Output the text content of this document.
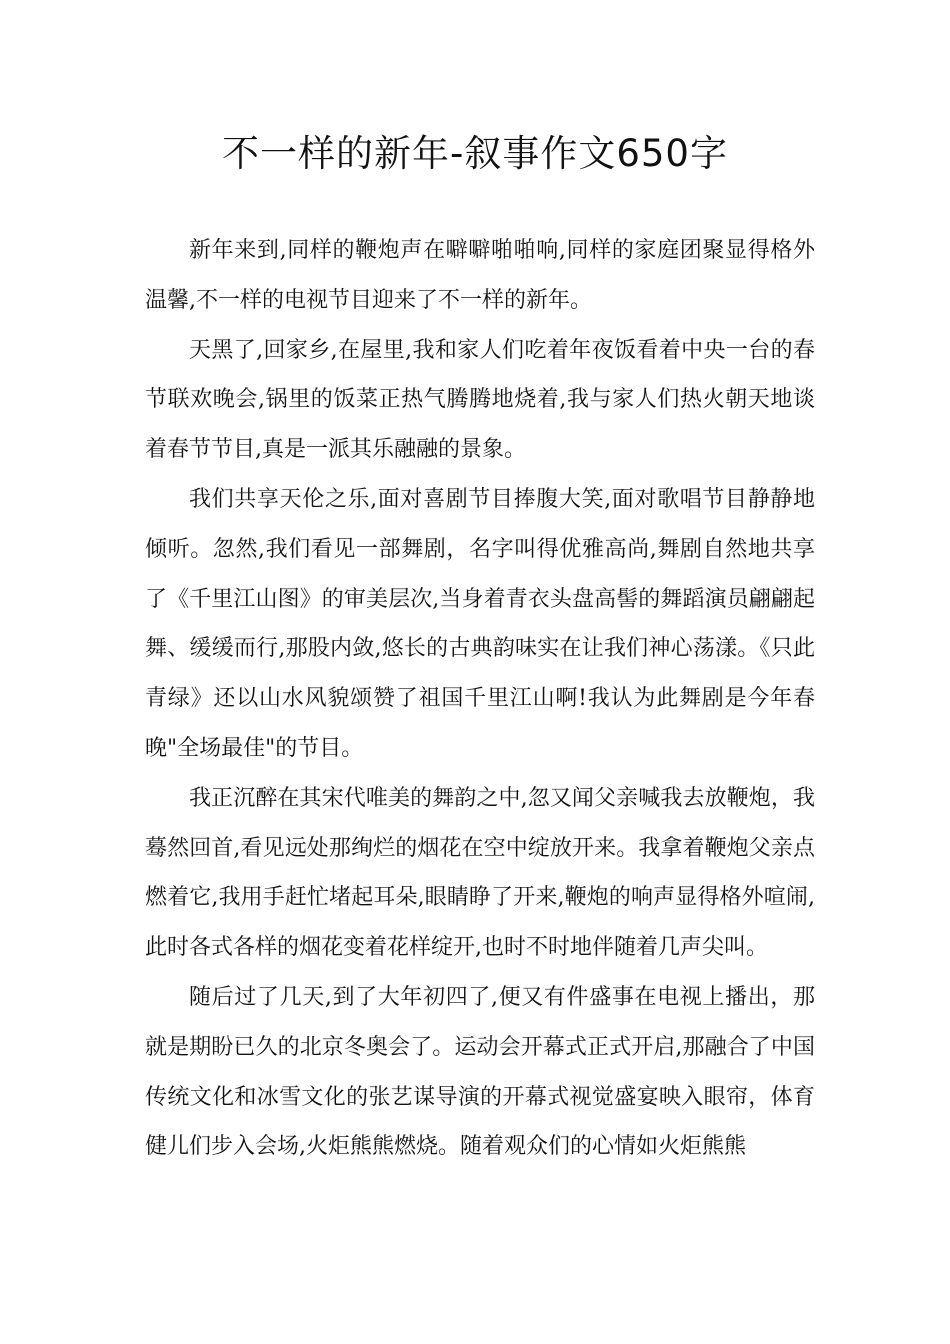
不一样的新年-叙事作文650字

新年来到,同样的鞭炮声在噼噼啪啪响,同样的家庭团聚显得格外温馨,不一样的电视节目迎来了不一样的新年。

天黑了,回家乡,在屋里,我和家人们吃着年夜饭看着中央一台的春节联欢晚会,锅里的饭菜正热气腾腾地烧着,我与家人们热火朝天地谈着春节节目,真是一派其乐融融的景象。

我们共享天伦之乐,面对喜剧节目捧腹大笑,面对歌唱节目静静地倾听。忽然,我们看见一部舞剧，名字叫得优雅高尚,舞剧自然地共享了《千里江山图》的审美层次,当身着青衣头盘高髻的舞蹈演员翩翩起舞、缓缓而行,那股内敛,悠长的古典韵味实在让我们神心荡漾。《只此青绿》还以山水风貌颂赞了祖国千里江山啊!我认为此舞剧是今年春晚"全场最佳"的节目。

我正沉醉在其宋代唯美的舞韵之中,忽又闻父亲喊我去放鞭炮，我蓦然回首,看见远处那绚烂的烟花在空中绽放开来。我拿着鞭炮父亲点燃着它,我用手赶忙堵起耳朵,眼睛睁了开来,鞭炮的响声显得格外喧闹,此时各式各样的烟花变着花样绽开,也时不时地伴随着几声尖叫。

随后过了几天,到了大年初四了,便又有件盛事在电视上播出，那就是期盼已久的北京冬奥会了。运动会开幕式正式开启,那融合了中国传统文化和冰雪文化的张艺谋导演的开幕式视觉盛宴映入眼帘，体育健儿们步入会场,火炬熊熊燃烧。随着观众们的心情如火炬熊熊
